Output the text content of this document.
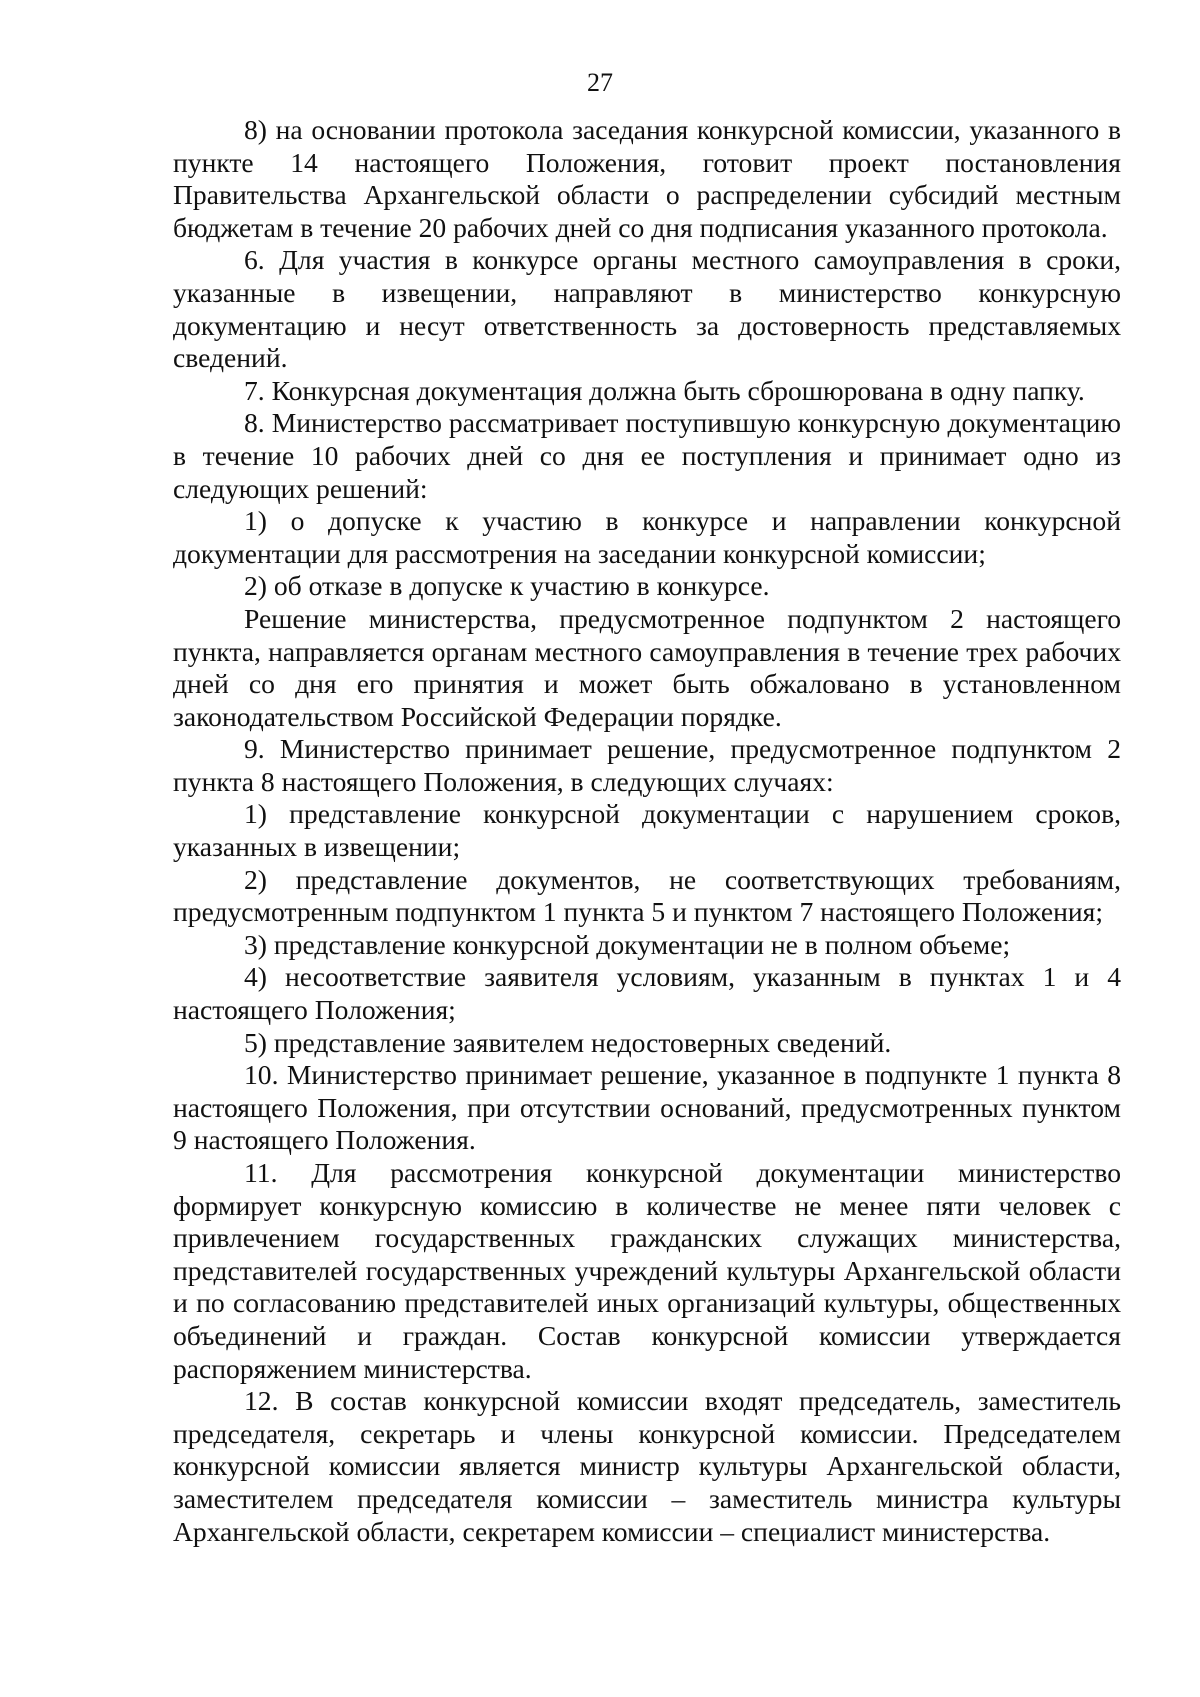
27

8) на основании протокола заседания конкурсной комиссии, указанного в пункте 14 настоящего Положения, готовит проект постановления Правительства Архангельской области о распределении субсидий местным бюджетам в течение 20 рабочих дней со дня подписания указанного протокола.

6. Для участия в конкурсе органы местного самоуправления в сроки, указанные в извещении, направляют в министерство конкурсную документацию и несут ответственность за достоверность представляемых сведений.

7. Конкурсная документация должна быть сброшюрована в одну папку.

8. Министерство рассматривает поступившую конкурсную документацию в течение 10 рабочих дней со дня ее поступления и принимает одно из следующих решений:

1) о допуске к участию в конкурсе и направлении конкурсной документации для рассмотрения на заседании конкурсной комиссии;

2) об отказе в допуске к участию в конкурсе.

Решение министерства, предусмотренное подпунктом 2 настоящего пункта, направляется органам местного самоуправления в течение трех рабочих дней со дня его принятия и может быть обжаловано в установленном законодательством Российской Федерации порядке.

9. Министерство принимает решение, предусмотренное подпунктом 2 пункта 8 настоящего Положения, в следующих случаях:

1) представление конкурсной документации с нарушением сроков, указанных в извещении;

2) представление документов, не соответствующих требованиям, предусмотренным подпунктом 1 пункта 5 и пунктом 7 настоящего Положения;

3) представление конкурсной документации не в полном объеме;

4) несоответствие заявителя условиям, указанным в пунктах 1 и 4 настоящего Положения;

5) представление заявителем недостоверных сведений.

10. Министерство принимает решение, указанное в подпункте 1 пункта 8 настоящего Положения, при отсутствии оснований, предусмотренных пунктом 9 настоящего Положения.

11. Для рассмотрения конкурсной документации министерство формирует конкурсную комиссию в количестве не менее пяти человек с привлечением государственных гражданских служащих министерства, представителей государственных учреждений культуры Архангельской области и по согласованию представителей иных организаций культуры, общественных объединений и граждан. Состав конкурсной комиссии утверждается распоряжением министерства.

12. В состав конкурсной комиссии входят председатель, заместитель председателя, секретарь и члены конкурсной комиссии. Председателем конкурсной комиссии является министр культуры Архангельской области, заместителем председателя комиссии – заместитель министра культуры Архангельской области, секретарем комиссии – специалист министерства.
